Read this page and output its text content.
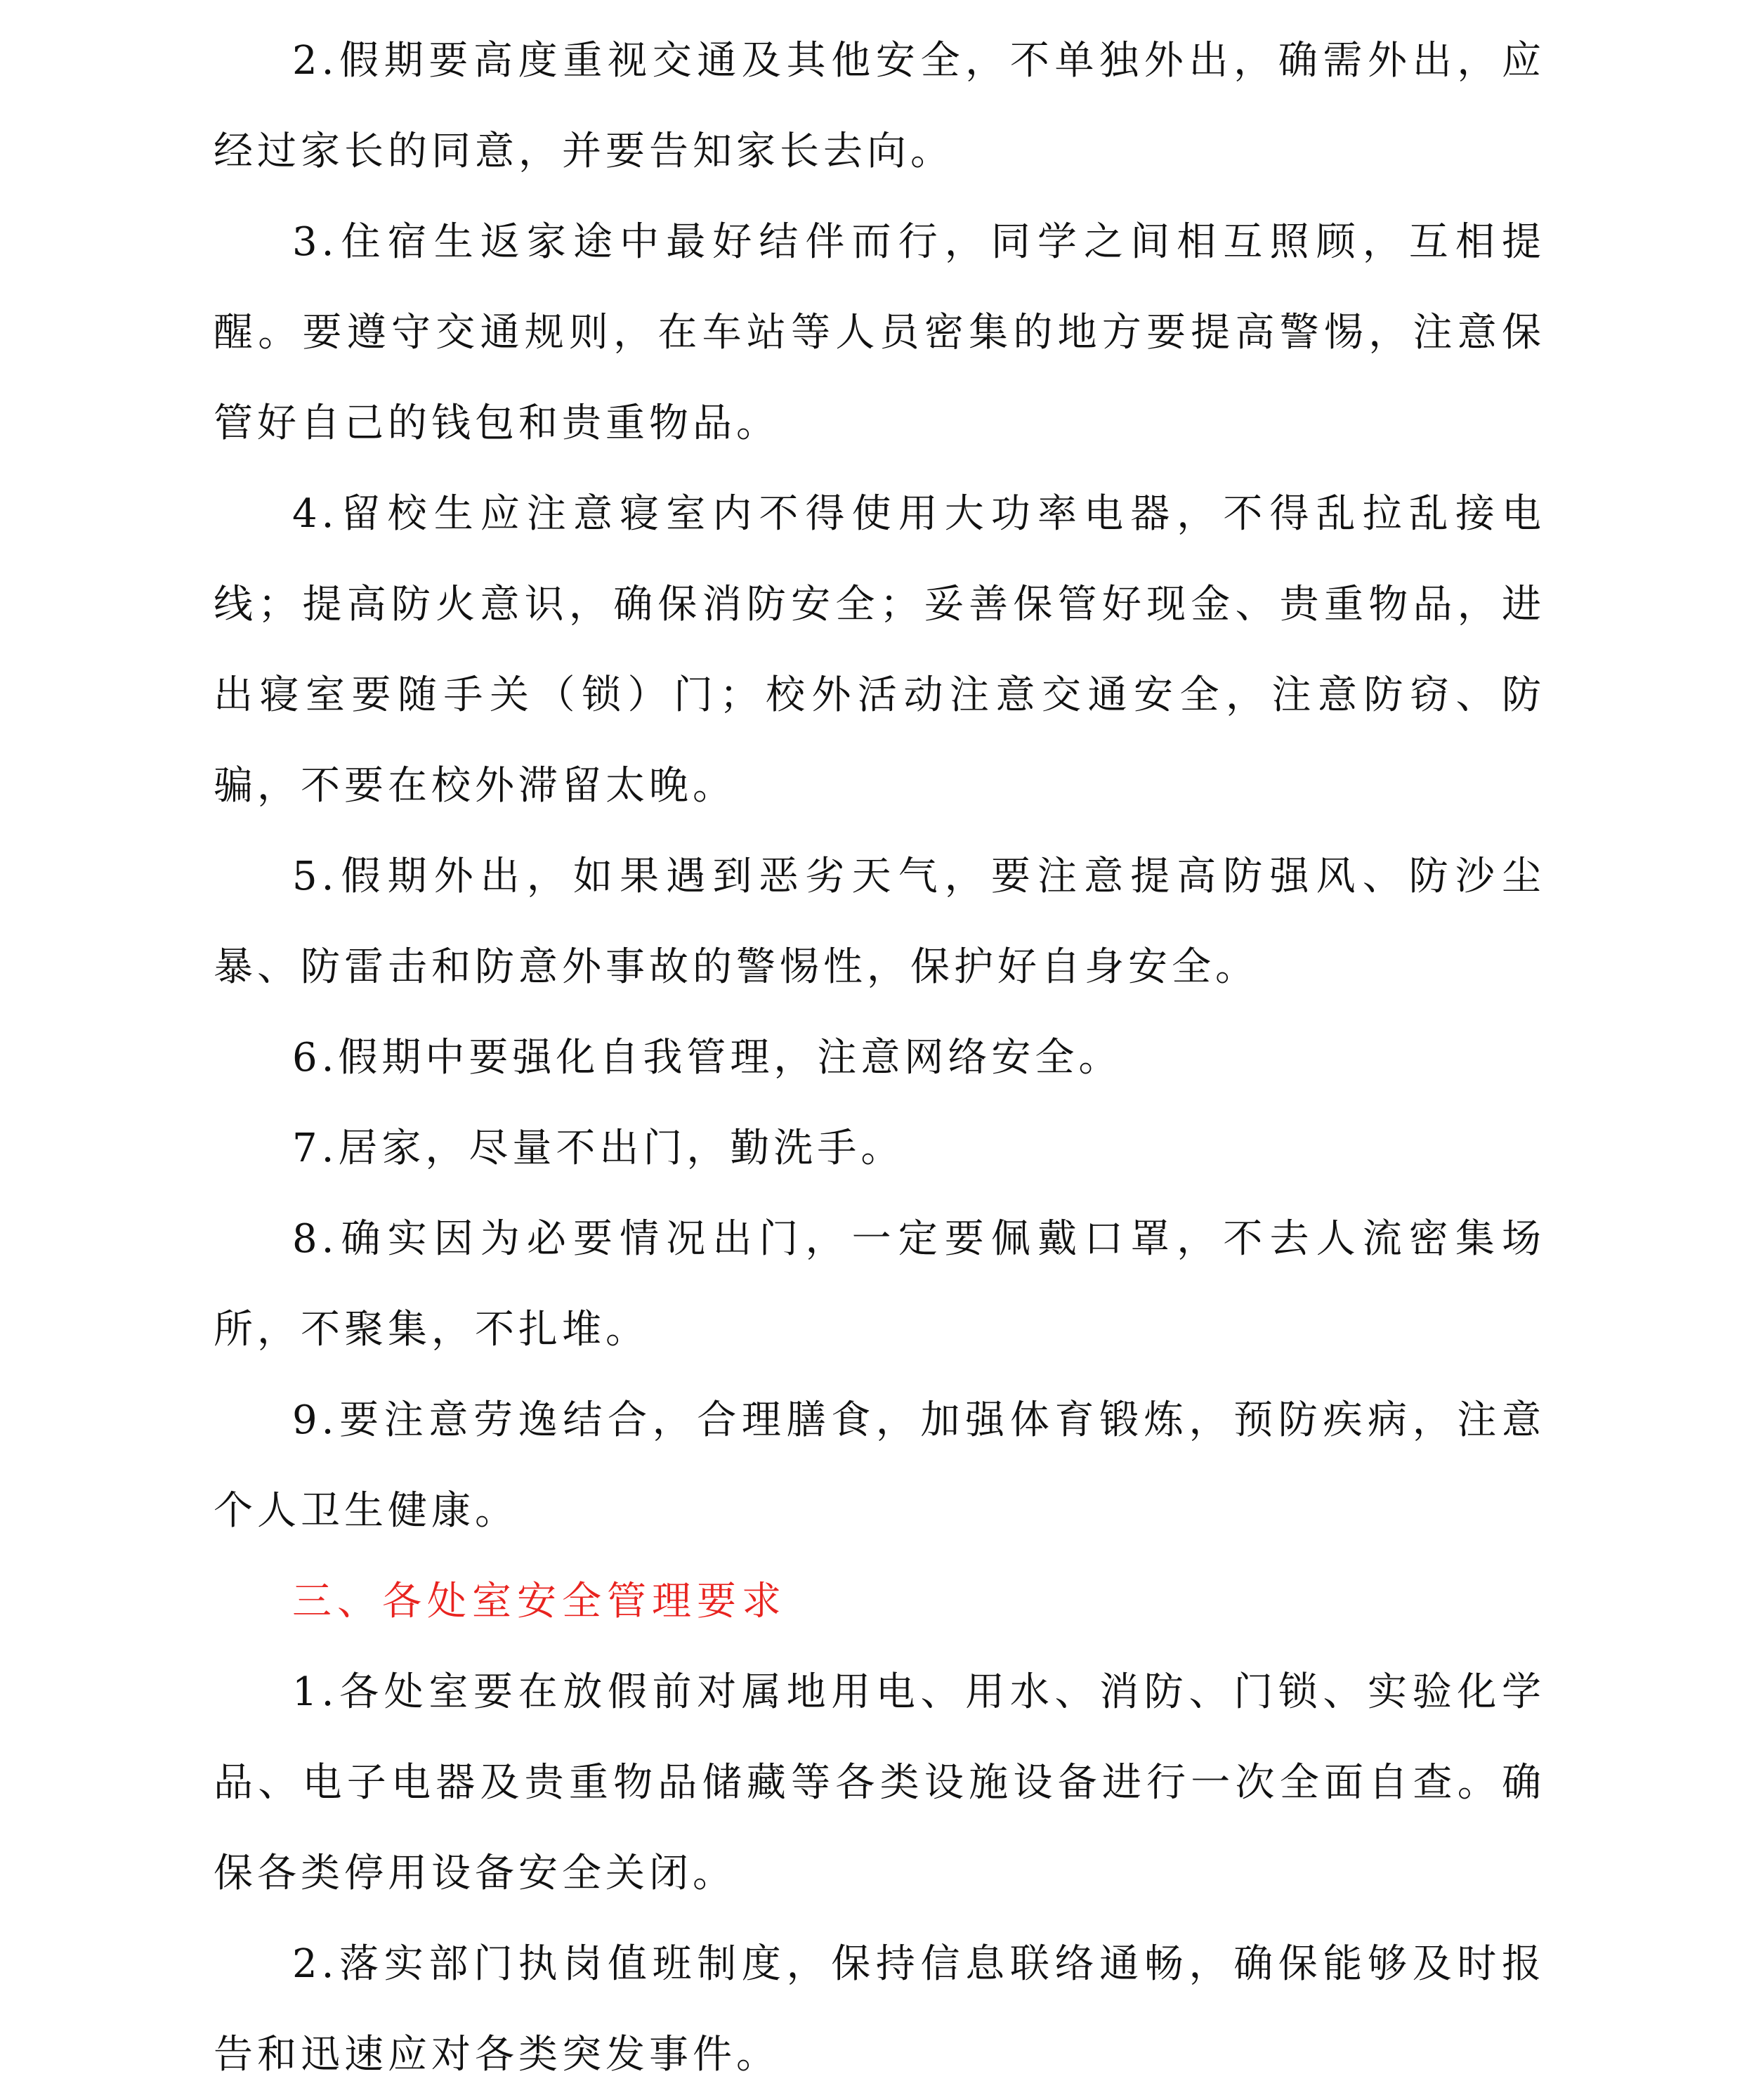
2.假期要高度重视交通及其他安全，不单独外出，确需外出，应经过家长的同意，并要告知家长去向。

3.住宿生返家途中最好结伴而行，同学之间相互照顾，互相提醒。要遵守交通规则，在车站等人员密集的地方要提高警惕，注意保管好自己的钱包和贵重物品。

4.留校生应注意寝室内不得使用大功率电器，不得乱拉乱接电线；提高防火意识，确保消防安全；妥善保管好现金、贵重物品，进出寝室要随手关（锁）门；校外活动注意交通安全，注意防窃、防骗，不要在校外滞留太晚。

5.假期外出，如果遇到恶劣天气，要注意提高防强风、防沙尘暴、防雷击和防意外事故的警惕性，保护好自身安全。

6.假期中要强化自我管理，注意网络安全。

7.居家，尽量不出门，勤洗手。

8.确实因为必要情况出门，一定要佩戴口罩，不去人流密集场所，不聚集，不扎堆。

9.要注意劳逸结合，合理膳食，加强体育锻炼，预防疾病，注意个人卫生健康。

三、各处室安全管理要求

1.各处室要在放假前对属地用电、用水、消防、门锁、实验化学品、电子电器及贵重物品储藏等各类设施设备进行一次全面自查。确保各类停用设备安全关闭。

2.落实部门执岗值班制度，保持信息联络通畅，确保能够及时报告和迅速应对各类突发事件。
